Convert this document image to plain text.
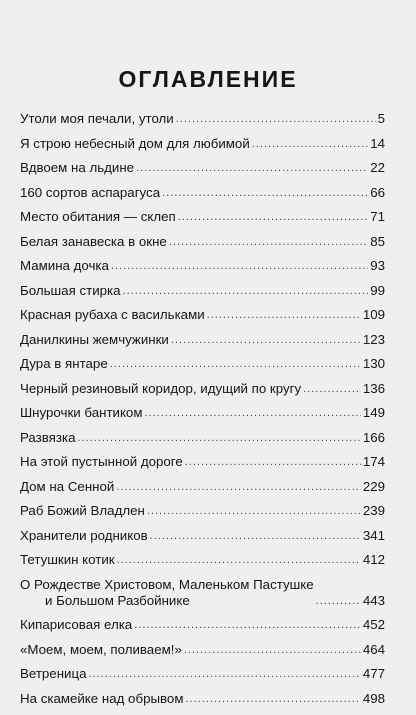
ОГЛАВЛЕНИЕ
Утоли моя печали, утоли .....	5
Я строю небесный дом для любимой .....	14
Вдвоем на льдине .....	22
160 сортов аспарагуса .....	66
Место обитания — склеп .....	71
Белая занавеска в окне .....	85
Мамина дочка .....	93
Большая стирка .....	99
Красная рубаха с васильками .....	109
Данилкины жемчужинки .....	123
Дура в янтаре .....	130
Черный резиновый коридор, идущий по кругу .....	136
Шнурочки бантиком .....	149
Развязка .....	166
На этой пустынной дороге .....	174
Дом на Сенной .....	229
Раб Божий Владлен .....	239
Хранители родников .....	341
Тетушкин котик .....	412
О Рождестве Христовом, Маленьком Пастушке
и Большом Разбойнике .....	443
Кипарисовая елка .....	452
«Моем, моем, поливаем!» .....	464
Ветреница .....	477
На скамейке над обрывом .....	498
